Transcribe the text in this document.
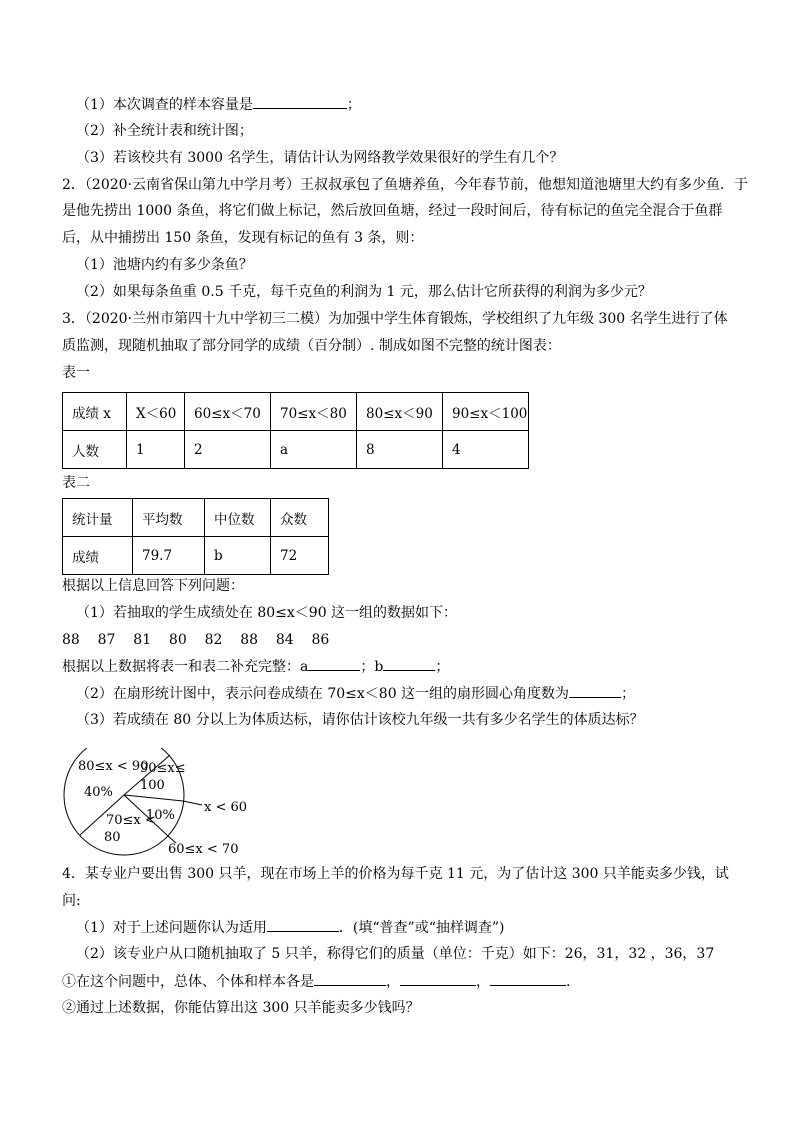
（1）本次调查的样本容量是	；
（2）补全统计表和统计图；
（3）若该校共有 3000 名学生，请估计认为网络教学效果很好的学生有几个？
2．（2020·云南省保山第九中学月考）王叔叔承包了鱼塘养鱼，今年春节前，他想知道池塘里大约有多少鱼．于
是他先捞出 1000 条鱼，将它们做上标记，然后放回鱼塘，经过一段时间后，待有标记的鱼完全混合于鱼群
后，从中捕捞出 150 条鱼，发现有标记的鱼有 3 条，则：
（1）池塘内约有多少条鱼？
（2）如果每条鱼重 0.5 千克，每千克鱼的利润为 1 元，那么估计它所获得的利润为多少元？
3．（2020·兰州市第四十九中学初三二模）为加强中学生体育锻炼，学校组织了九年级 300 名学生进行了体
质监测，现随机抽取了部分同学的成绩（百分制）. 制成如图不完整的统计图表：
表一
成绩 x	X＜60	60≤x＜70	70≤x＜80	80≤x＜90	90≤x＜100
人数	1	2	a	8	4
表二
统计量	平均数	中位数	众数
成绩	79.7	b	72
根据以上信息回答下列问题：
（1）若抽取的学生成绩处在 80≤x＜90 这一组的数据如下：
88 87 81 80 82 88 84 86
根据以上数据将表一和表二补充完整：a	；b	；
（2）在扇形统计图中，表示问卷成绩在 70≤x＜80 这一组的扇形圆心角度数为	；
（3）若成绩在 80 分以上为体质达标，请你估计该校九年级一共有多少名学生的体质达标？
80≤x < 90
40%
90≤x≤
100
x < 60
70≤x <
80
10%
60≤x < 70
4．某专业户要出售 300 只羊，现在市场上羊的价格为每千克 11 元，为了估计这 300 只羊能卖多少钱，试
问:
（1）对于上述问题你认为适用	．(填“普查”或“抽样调查”)
（2）该专业户从口随机抽取了 5 只羊，称得它们的质量（单位：千克）如下：26，31，32 ，36，37
①在这个问题中，总体、个体和样本各是	，	，	.
②通过上述数据，你能估算出这 300 只羊能卖多少钱吗？
